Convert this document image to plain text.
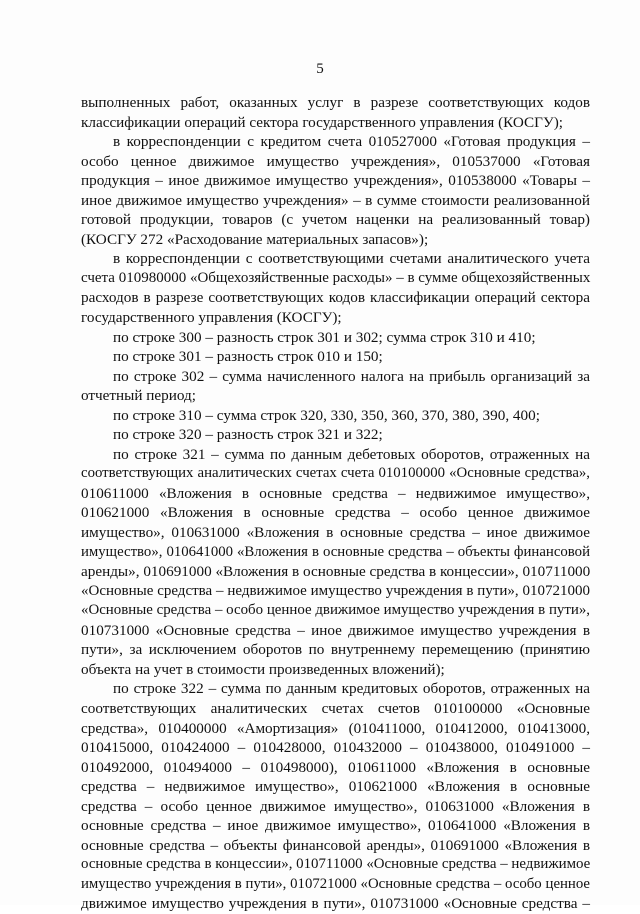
5
выполненных работ, оказанных услуг в разрезе соответствующих кодов
классификации операций сектора государственного управления (КОСГУ);
в корреспонденции с кредитом счета 010527000 «Готовая продукция –
особо ценное движимое имущество учреждения», 010537000 «Готовая
продукция – иное движимое имущество учреждения», 010538000 «Товары –
иное движимое имущество учреждения» – в сумме стоимости реализованной
готовой продукции, товаров (с учетом наценки на реализованный товар)
(КОСГУ 272 «Расходование материальных запасов»);
в корреспонденции с соответствующими счетами аналитического учета
счета 010980000 «Общехозяйственные расходы» – в сумме общехозяйственных
расходов в разрезе соответствующих кодов классификации операций сектора
государственного управления (КОСГУ);
по строке 300 – разность строк 301 и 302; сумма строк 310 и 410;
по строке 301 – разность строк 010 и 150;
по строке 302 – сумма начисленного налога на прибыль организаций за
отчетный период;
по строке 310 – сумма строк 320, 330, 350, 360, 370, 380, 390, 400;
по строке 320 – разность строк 321 и 322;
по строке 321 – сумма по данным дебетовых оборотов, отраженных на
соответствующих аналитических счетах счета 010100000 «Основные средства»,
010611000 «Вложения в основные средства – недвижимое имущество»,
010621000 «Вложения в основные средства – особо ценное движимое
имущество», 010631000 «Вложения в основные средства – иное движимое
имущество», 010641000 «Вложения в основные средства – объекты финансовой
аренды», 010691000 «Вложения в основные средства в концессии», 010711000
«Основные средства – недвижимое имущество учреждения в пути», 010721000
«Основные средства – особо ценное движимое имущество учреждения в пути»,
010731000 «Основные средства – иное движимое имущество учреждения в
пути», за исключением оборотов по внутреннему перемещению (принятию
объекта на учет в стоимости произведенных вложений);
по строке 322 – сумма по данным кредитовых оборотов, отраженных на
соответствующих аналитических счетах счетов 010100000 «Основные
средства», 010400000 «Амортизация» (010411000, 010412000, 010413000,
010415000, 010424000 – 010428000, 010432000 – 010438000, 010491000 –
010492000, 010494000 – 010498000), 010611000 «Вложения в основные
средства – недвижимое имущество», 010621000 «Вложения в основные
средства – особо ценное движимое имущество», 010631000 «Вложения в
основные средства – иное движимое имущество», 010641000 «Вложения в
основные средства – объекты финансовой аренды», 010691000 «Вложения в
основные средства в концессии», 010711000 «Основные средства – недвижимое
имущество учреждения в пути», 010721000 «Основные средства – особо ценное
движимое имущество учреждения в пути», 010731000 «Основные средства –
